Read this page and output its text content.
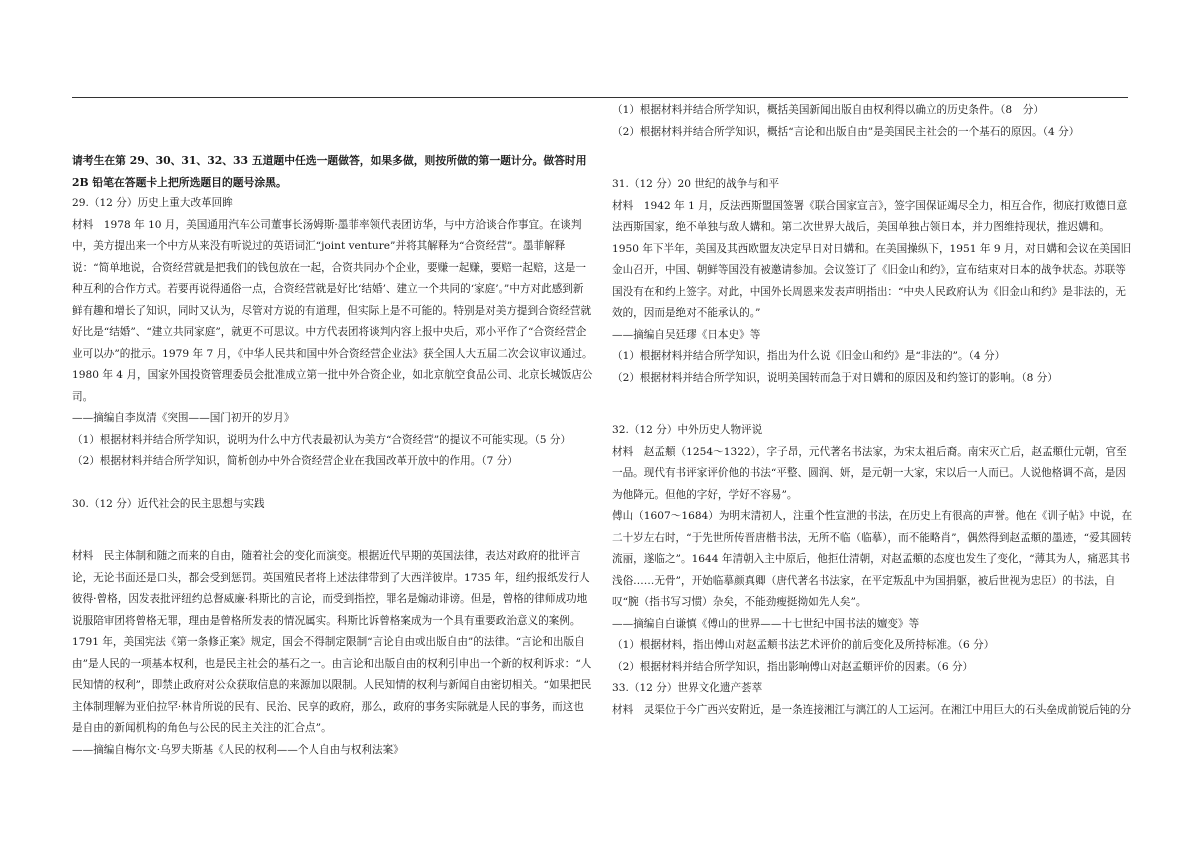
请考生在第 29、30、31、32、33 五道题中任选一题做答，如果多做，则按所做的第一题计分。做答时用 2B 铅笔在答题卡上把所选题目的题号涂黑。

29.（12 分）历史上重大改革回眸

材料　1978 年 10 月，美国通用汽车公司董事长汤姆斯·墨菲率领代表团访华，与中方洽谈合作事宜。在谈判中，美方提出来一个中方从来没有听说过的英语词汇“joint venture”并将其解释为“合资经营”。墨菲解释说：“简单地说，合资经营就是把我们的钱包放在一起，合资共同办个企业，要赚一起赚，要赔一起赔，这是一种互利的合作方式。若要再说得通俗一点，合资经营就是好比‘结婚’、建立一个共同的‘家庭’。”中方对此感到新鲜有趣和增长了知识，同时又认为，尽管对方说的有道理，但实际上是不可能的。特别是对美方提到合资经营就好比是“结婚”、“建立共同家庭”，就更不可思议。中方代表团将谈判内容上报中央后，邓小平作了“合资经营企业可以办”的批示。1979 年 7 月，《中华人民共和国中外合资经营企业法》获全国人大五届二次会议审议通过。1980 年 4 月，国家外国投资管理委员会批准成立第一批中外合资企业，如北京航空食品公司、北京长城饭店公司。

——摘编自李岚清《突围——国门初开的岁月》

（1）根据材料并结合所学知识，说明为什么中方代表最初认为美方“合资经营”的提议不可能实现。（5 分）

（2）根据材料并结合所学知识，简析创办中外合资经营企业在我国改革开放中的作用。（7 分）

30.（12 分）近代社会的民主思想与实践

材料　民主体制和随之而来的自由，随着社会的变化而演变。根据近代早期的英国法律，表达对政府的批评言论，无论书面还是口头，都会受到惩罚。英国殖民者将上述法律带到了大西洋彼岸。1735 年，纽约报纸发行人彼得·曾格，因发表批评纽约总督威廉·科斯比的言论，而受到指控，罪名是煽动诽谤。但是，曾格的律师成功地说服陪审团将曾格无罪，理由是曾格所发表的情况属实。科斯比诉曾格案成为一个具有重要政治意义的案例。

1791 年，美国宪法《第一条修正案》规定，国会不得制定限制“言论自由或出版自由”的法律。“言论和出版自由”是人民的一项基本权利，也是民主社会的基石之一。由言论和出版自由的权利引申出一个新的权利诉求：“人民知情的权利”，即禁止政府对公众获取信息的来源加以限制。人民知情的权利与新闻自由密切相关。“如果把民主体制理解为亚伯拉罕·林肯所说的民有、民治、民享的政府，那么，政府的事务实际就是人民的事务，而这也是自由的新闻机构的角色与公民的民主关注的汇合点”。

——摘编自梅尔文·乌罗夫斯基《人民的权利——个人自由与权利法案》

（1）根据材料并结合所学知识，概括美国新闻出版自由权利得以确立的历史条件。（8　分）

（2）根据材料并结合所学知识，概括“言论和出版自由”是美国民主社会的一个基石的原因。（4 分）

31.（12 分）20 世纪的战争与和平

材料　1942 年 1 月，反法西斯盟国签署《联合国家宣言》，签字国保证竭尽全力，相互合作，彻底打败德日意法西斯国家，绝不单独与敌人媾和。第二次世界大战后，美国单独占领日本，并力图维持现状，推迟媾和。1950 年下半年，美国及其西欧盟友决定早日对日媾和。在美国操纵下，1951 年 9 月，对日媾和会议在美国旧金山召开，中国、朝鲜等国没有被邀请参加。会议签订了《旧金山和约》，宣布结束对日本的战争状态。苏联等国没有在和约上签字。对此，中国外长周恩来发表声明指出：“中央人民政府认为《旧金山和约》是非法的，无效的，因而是绝对不能承认的。”

——摘编自吴廷璆《日本史》等

（1）根据材料并结合所学知识，指出为什么说《旧金山和约》是“非法的”。（4 分）

（2）根据材料并结合所学知识，说明美国转而急于对日媾和的原因及和约签订的影响。（8 分）

32.（12 分）中外历史人物评说

材料　赵孟頫（1254～1322），字子昂，元代著名书法家，为宋太祖后裔。南宋灭亡后，赵孟頫仕元朝，官至一品。现代有书评家评价他的书法“平整、圆润、妍，是元朝一大家，宋以后一人而已。人说他格调不高，是因为他降元。但他的字好，学好不容易”。

傅山（1607～1684）为明末清初人，注重个性宣泄的书法，在历史上有很高的声誉。他在《训子帖》中说，在二十岁左右时，“于先世所传晋唐楷书法，无所不临（临摹），而不能略肖”，偶然得到赵孟頫的墨迹，“爱其圆转流丽，遂临之”。1644 年清朝入主中原后，他拒仕清朝，对赵孟頫的态度也发生了变化，“薄其为人，痛恶其书浅俗……无骨”，开始临摹颜真卿（唐代著名书法家，在平定叛乱中为国捐躯，被后世视为忠臣）的书法，自叹“腕（指书写习惯）杂矣，不能劲瘦挺拗如先人矣”。

——摘编自白谦慎《傅山的世界——十七世纪中国书法的嬗变》等

（1）根据材料，指出傅山对赵孟頫书法艺术评价的前后变化及所持标准。（6 分）

（2）根据材料并结合所学知识，指出影响傅山对赵孟頫评价的因素。（6 分）

33.（12 分）世界文化遗产荟萃

材料　灵渠位于今广西兴安附近，是一条连接湘江与漓江的人工运河。在湘江中用巨大的石头垒成前锐后钝的分
